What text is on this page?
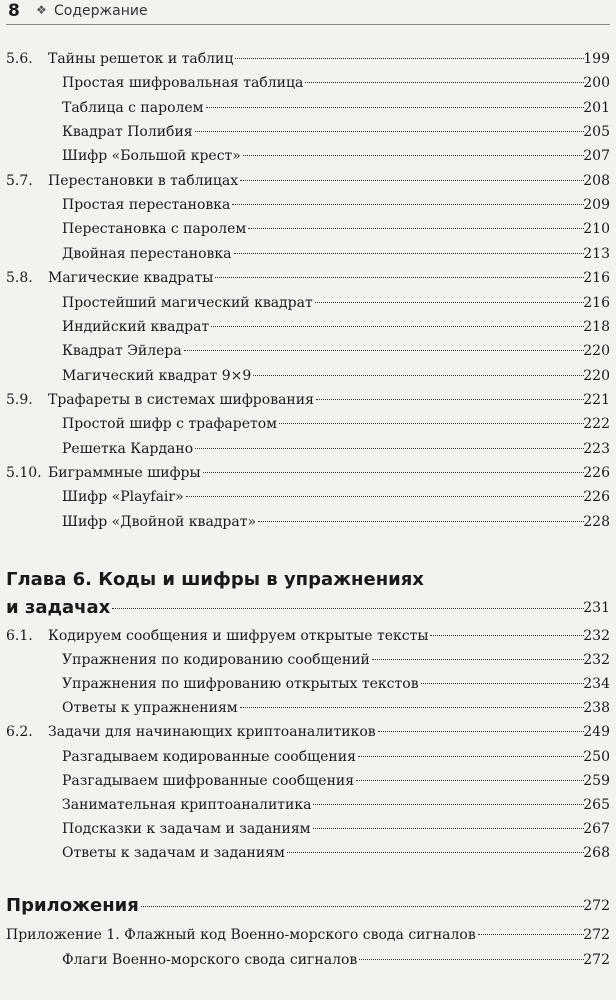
8 ❖ Содержание
5.6. Тайны решеток и таблиц	199
Простая шифровальная таблица	200
Таблица с паролем	201
Квадрат Полибия	205
Шифр «Большой крест»	207
5.7. Перестановки в таблицах	208
Простая перестановка	209
Перестановка с паролем	210
Двойная перестановка	213
5.8. Магические квадраты	216
Простейший магический квадрат	216
Индийский квадрат	218
Квадрат Эйлера	220
Магический квадрат 9×9	220
5.9. Трафареты в системах шифрования	221
Простой шифр с трафаретом	222
Решетка Кардано	223
5.10. Биграммные шифры	226
Шифр «Playfair»	226
Шифр «Двойной квадрат»	228
6.1. Кодируем сообщения и шифруем открытые тексты	232
Упражнения по кодированию сообщений	232
Упражнения по шифрованию открытых текстов	234
Ответы к упражнениям	238
6.2. Задачи для начинающих криптоаналитиков	249
Разгадываем кодированные сообщения	250
Разгадываем шифрованные сообщения	259
Занимательная криптоаналитика	265
Подсказки к задачам и заданиям	267
Ответы к задачам и заданиям	268
Приложение 1. Флажный код Военно-морского свода сигналов	272
Флаги Военно-морского свода сигналов	272
Глава 6. Коды и шифры в упражнениях
и задачах	231
Приложения	272
